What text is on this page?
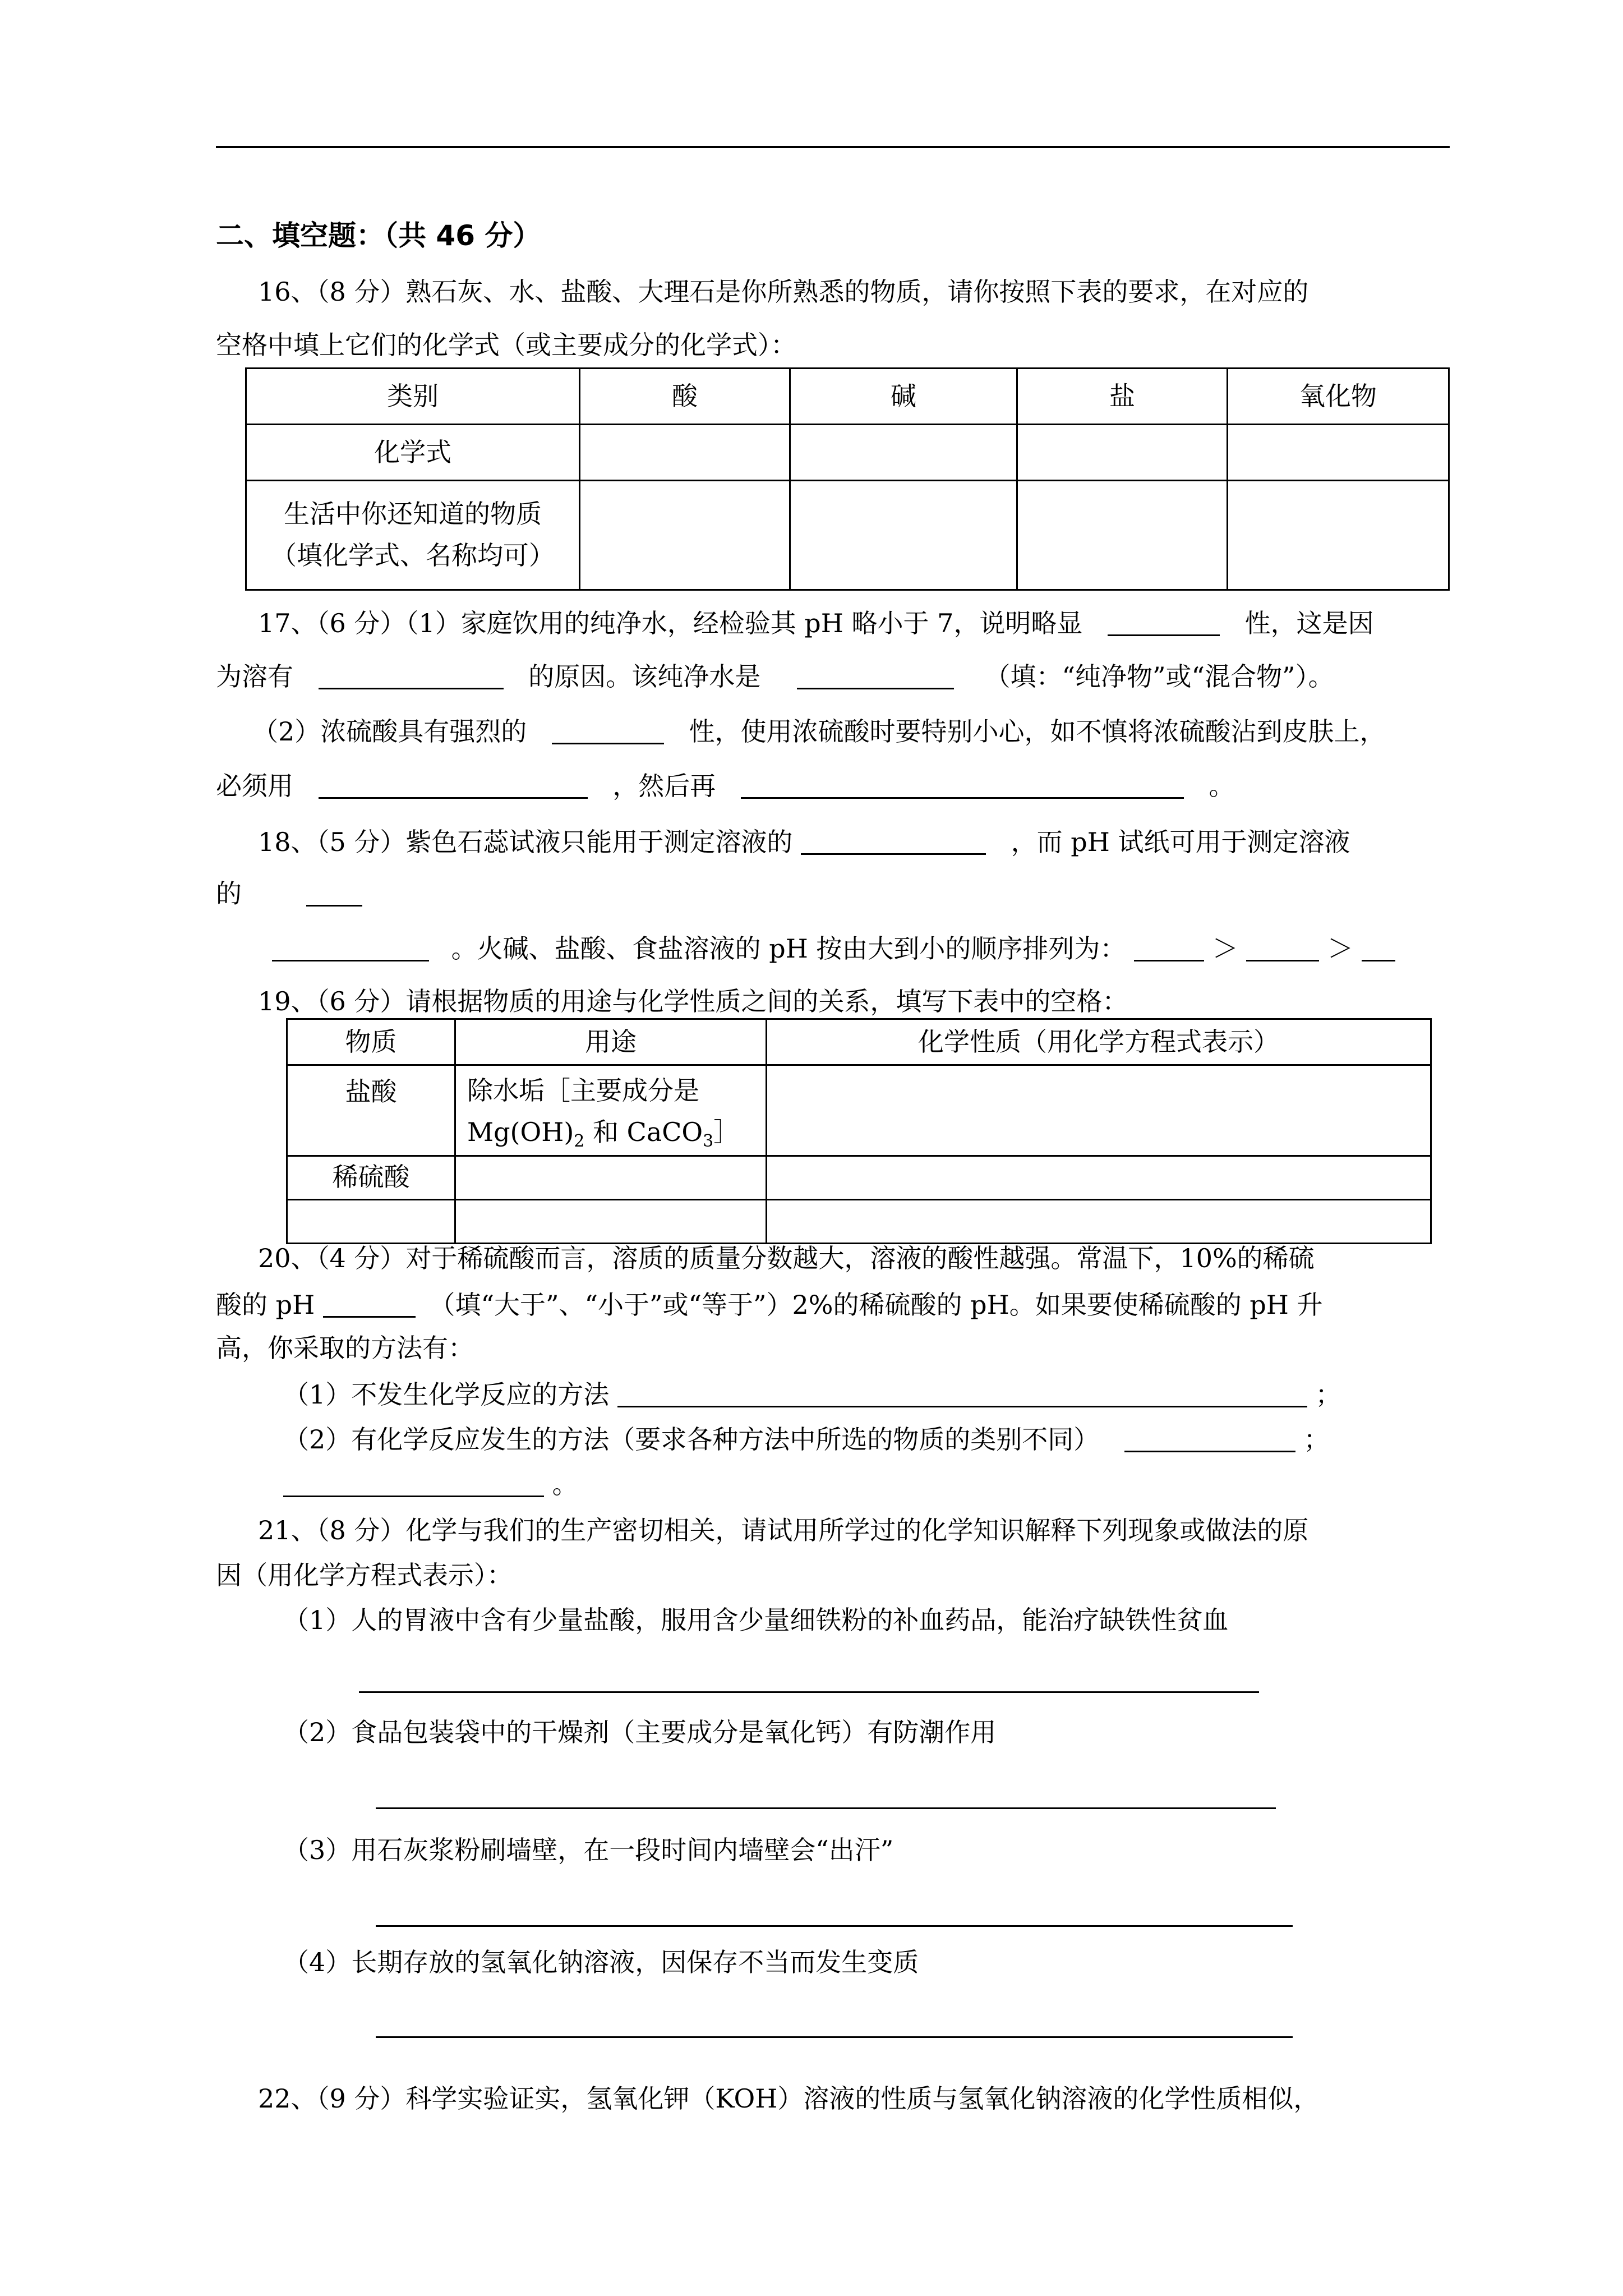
二、填空题：（共 46 分）
16、（8 分）熟石灰、水、盐酸、大理石是你所熟悉的物质，请你按照下表的要求，在对应的
空格中填上它们的化学式（或主要成分的化学式）：
类别	酸	碱	盐	氧化物
化学式				

生活中你还知道的物质
（填化学式、名称均可）				

17、（6 分）（1）家庭饮用的纯净水，经检验其 pH 略小于 7，说明略显	性，这是因
为溶有	的原因。该纯净水是	（填：“纯净物”或“混合物”）。
（2）浓硫酸具有强烈的	性，使用浓硫酸时要特别小心，如不慎将浓硫酸沾到皮肤上，
必须用	，然后再	。
18、（5 分）紫色石蕊试液只能用于测定溶液的	，而 pH 试纸可用于测定溶液
的
。火碱、盐酸、食盐溶液的 pH 按由大到小的顺序排列为：	＞	＞
19、（6 分）请根据物质的用途与化学性质之间的关系，填写下表中的空格：
物质	用途	化学性质（用化学方程式表示）
盐酸	除水垢［主要成分是
$Mg(OH)_2$ 和 CaCO$_3$］	

稀硫酸		

20、（4 分）对于稀硫酸而言，溶质的质量分数越大，溶液的酸性越强。常温下，10%的稀硫
酸的 pH	（填“大于”、“小于”或“等于”）2%的稀硫酸的 pH。如果要使稀硫酸的 pH 升
高，你采取的方法有：
（1）不发生化学反应的方法	；
（2）有化学反应发生的方法（要求各种方法中所选的物质的类别不同）	；
。
21、（8 分）化学与我们的生产密切相关，请试用所学过的化学知识解释下列现象或做法的原
因（用化学方程式表示）：
（1）人的胃液中含有少量盐酸，服用含少量细铁粉的补血药品，能治疗缺铁性贫血
（2）食品包装袋中的干燥剂（主要成分是氧化钙）有防潮作用
（3）用石灰浆粉刷墙壁，在一段时间内墙壁会“出汗”
（4）长期存放的氢氧化钠溶液，因保存不当而发生变质
22、（9 分）科学实验证实，氢氧化钾（KOH）溶液的性质与氢氧化钠溶液的化学性质相似，
